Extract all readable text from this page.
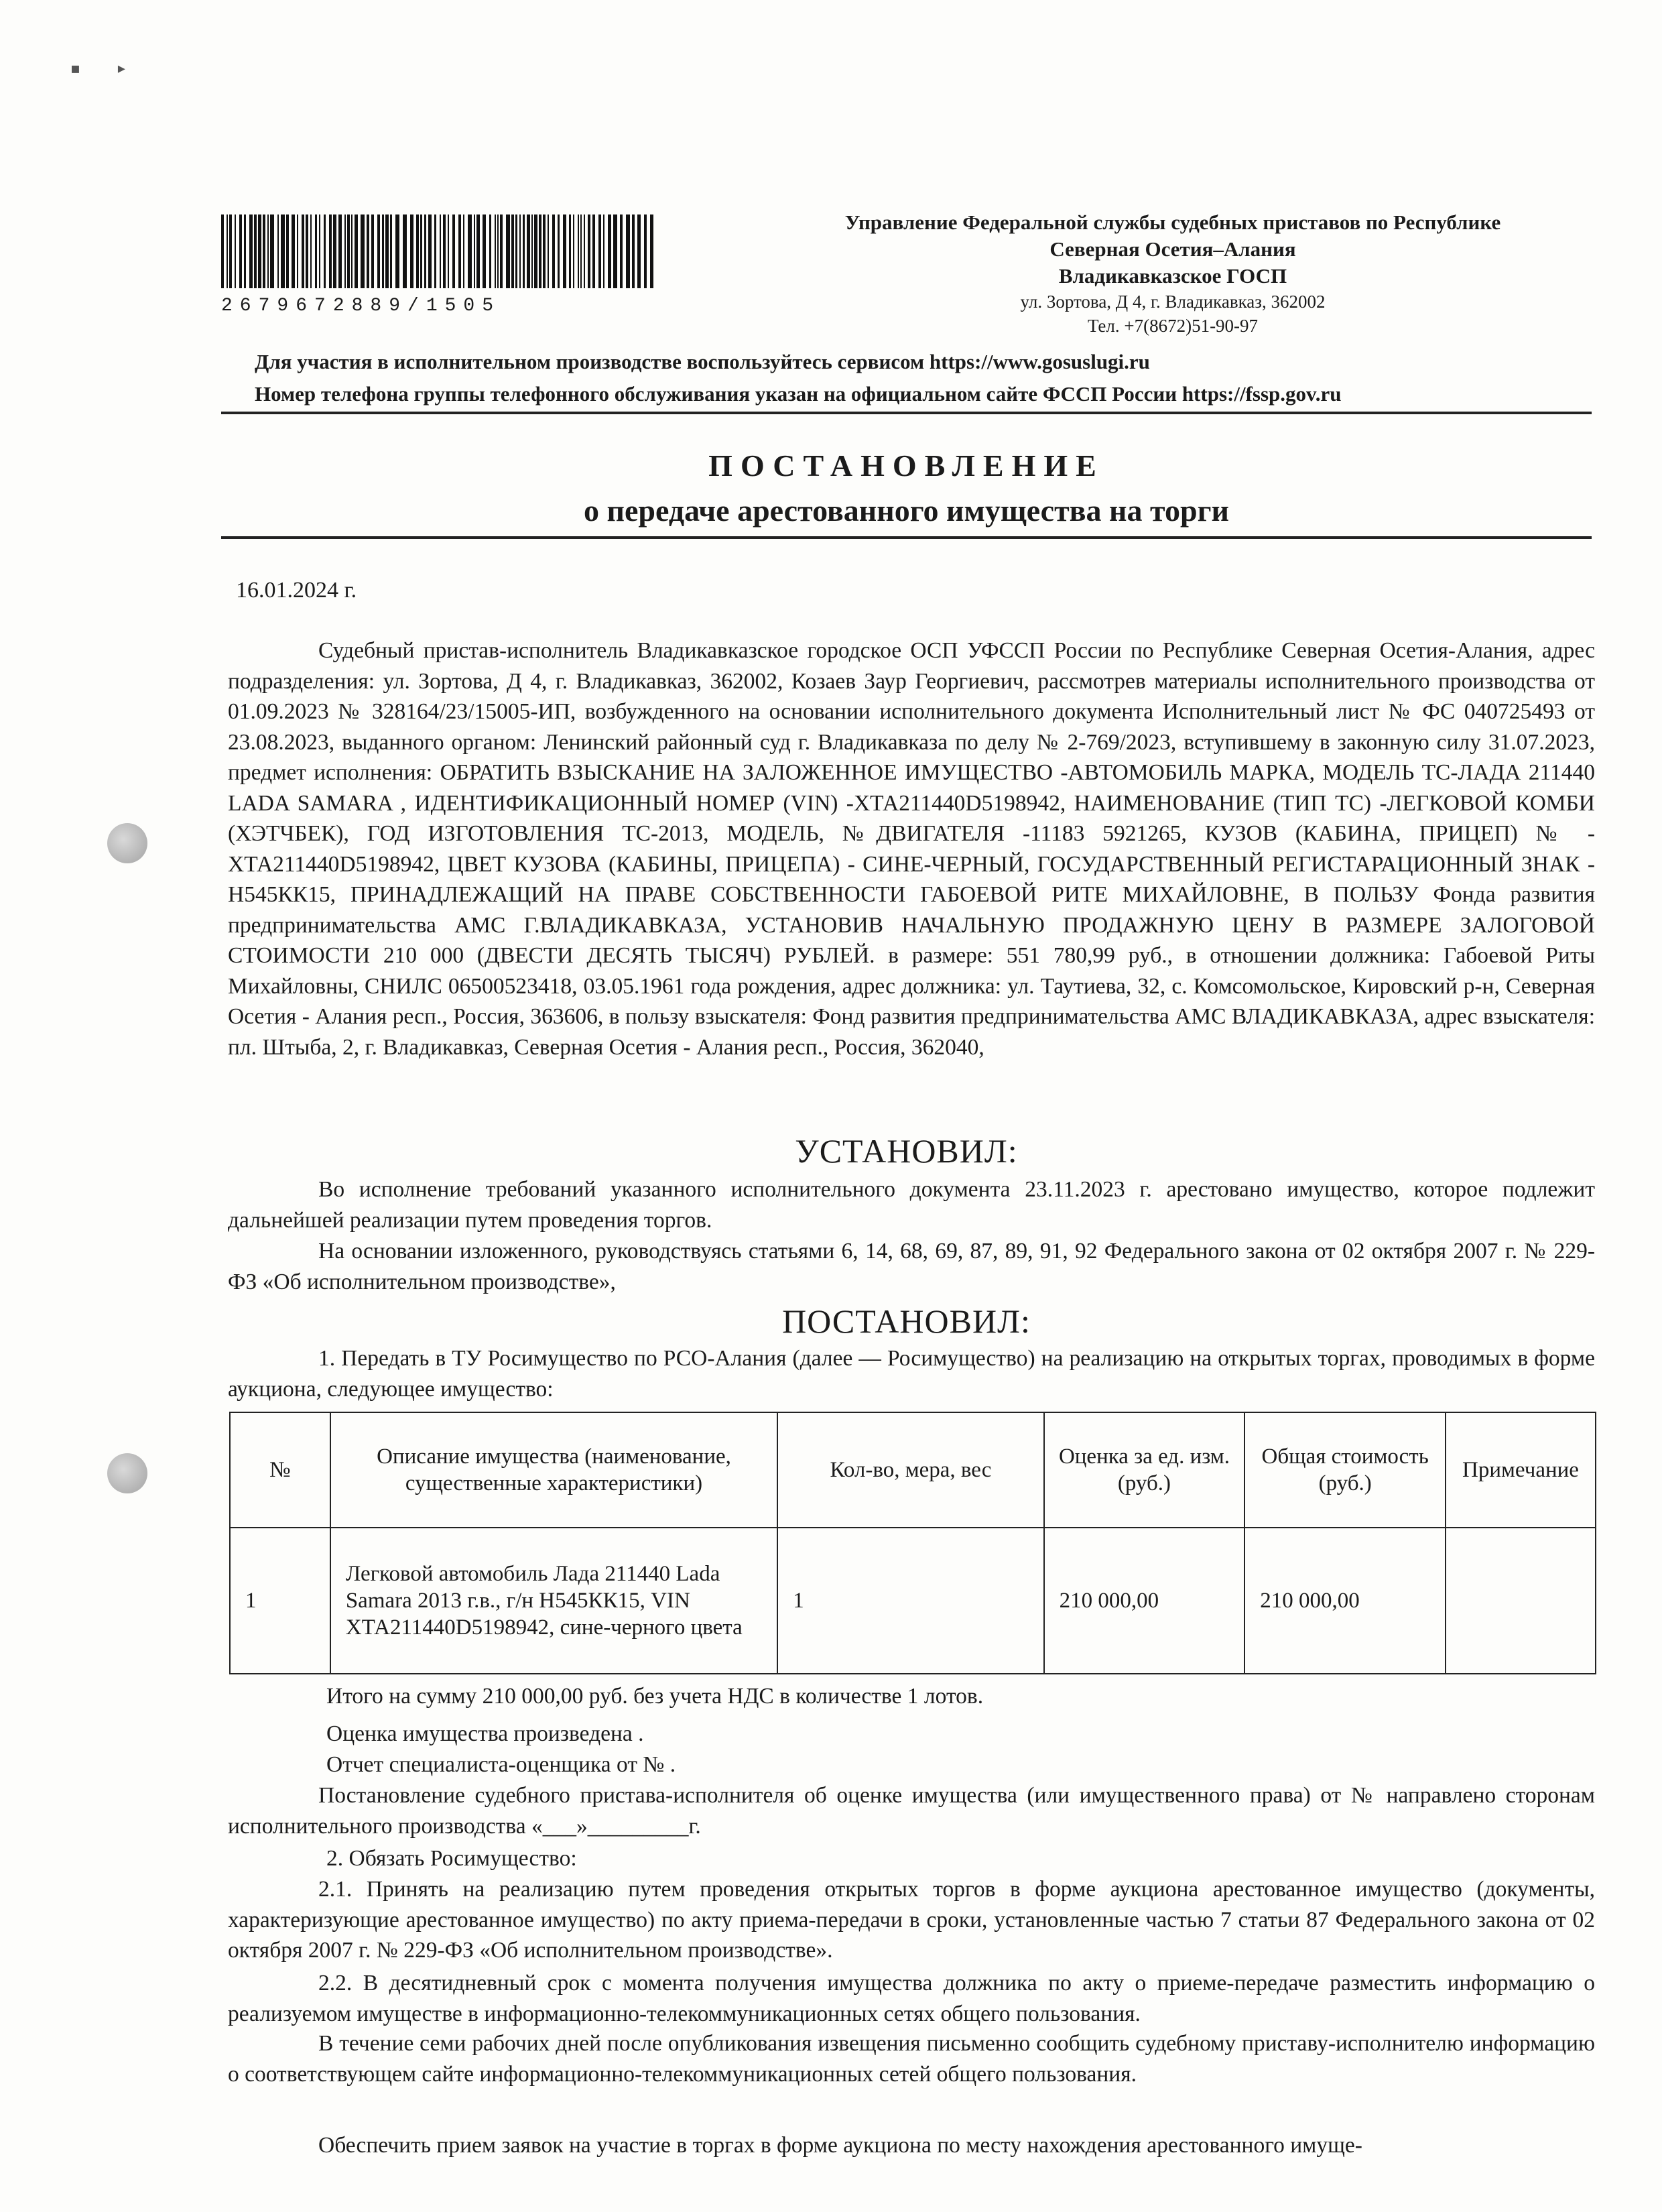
▪        ▸
2679672889/1505
Управление Федеральной службы судебных приставов по Республике
Северная Осетия–Алания
Владикавказское ГОСП
ул. Зортова, Д 4, г. Владикавказ, 362002
Тел. +7(8672)51-90-97
Для участия в исполнительном производстве воспользуйтесь сервисом https://www.gosuslugi.ru
Номер телефона группы телефонного обслуживания указан на официальном сайте ФССП России https://fssp.gov.ru
ПОСТАНОВЛЕНИЕ
о передаче арестованного имущества на торги
16.01.2024 г.

Судебный пристав-исполнитель Владикавказское городское ОСП УФССП России по Республике Северная Осетия-Алания, адрес подразделения: ул. Зортова, Д 4, г. Владикавказ, 362002, Козаев Заур Георгиевич, рассмотрев материалы исполнительного производства от 01.09.2023 № 328164/23/15005-ИП, возбужденного на основании исполнительного документа Исполнительный лист № ФС 040725493 от 23.08.2023, выданного органом: Ленинский районный суд г. Владикавказа по делу № 2-769/2023, вступившему в законную силу 31.07.2023, предмет исполнения: ОБРАТИТЬ ВЗЫСКАНИЕ НА ЗАЛОЖЕННОЕ ИМУЩЕСТВО -АВТОМОБИЛЬ МАРКА, МОДЕЛЬ ТС-ЛАДА 211440 LADA SAMARA , ИДЕНТИФИКАЦИОННЫЙ НОМЕР (VIN) -ХТА211440D5198942, НАИМЕНОВАНИЕ (ТИП ТС) -ЛЕГКОВОЙ КОМБИ (ХЭТЧБЕК), ГОД ИЗГОТОВЛЕНИЯ ТС-2013, МОДЕЛЬ, №ДВИГАТЕЛЯ -11183 5921265, КУЗОВ (КАБИНА, ПРИЦЕП) № - ХТА211440D5198942, ЦВЕТ КУЗОВА (КАБИНЫ, ПРИЦЕПА) - СИНЕ-ЧЕРНЫЙ, ГОСУДАРСТВЕННЫЙ РЕГИСТАРАЦИОННЫЙ ЗНАК - Н545КК15, ПРИНАДЛЕЖАЩИЙ НА ПРАВЕ СОБСТВЕННОСТИ ГАБОЕВОЙ РИТЕ МИХАЙЛОВНЕ, В ПОЛЬЗУ Фонда развития предпринимательства АМС Г.ВЛАДИКАВКАЗА, УСТАНОВИВ НАЧАЛЬНУЮ ПРОДАЖНУЮ ЦЕНУ В РАЗМЕРЕ ЗАЛОГОВОЙ СТОИМОСТИ 210 000 (ДВЕСТИ ДЕСЯТЬ ТЫСЯЧ) РУБЛЕЙ. в размере: 551 780,99 руб., в отношении должника: Габоевой Риты Михайловны, СНИЛС 06500523418, 03.05.1961 года рождения, адрес должника: ул. Таутиева, 32, с. Комсомольское, Кировский р-н, Северная Осетия - Алания респ., Россия, 363606, в пользу взыскателя: Фонд развития предпринимательства АМС ВЛАДИКАВКАЗА, адрес взыскателя: пл. Штыба, 2, г. Владикавказ, Северная Осетия - Алания респ., Россия, 362040,

УСТАНОВИЛ:

Во исполнение требований указанного исполнительного документа 23.11.2023 г. арестовано имущество, которое подлежит дальнейшей реализации путем проведения торгов.

На основании изложенного, руководствуясь статьями 6, 14, 68, 69, 87, 89, 91, 92 Федерального закона от 02 октября 2007 г. № 229-ФЗ «Об исполнительном производстве»,

ПОСТАНОВИЛ:

1. Передать в ТУ Росимущество по РСО-Алания (далее — Росимущество) на реализацию на открытых торгах, проводимых в форме аукциона, следующее имущество:

№	Описание имущества (наименование, существенные характеристики)	Кол-во, мера, вес	Оценка за ед. изм. (руб.)	Общая стоимость (руб.)	Примечание
1	Легковой автомобиль Лада 211440 Lada Samara 2013 г.в., г/н Н545КК15, VIN ХТА211440D5198942, сине-черного цвета	1	210 000,00	210 000,00	
Итого на сумму 210 000,00 руб. без учета НДС в количестве 1 лотов.
Оценка имущества произведена .
Отчет специалиста-оценщика от № .

Постановление судебного пристава-исполнителя об оценке имущества (или имущественного права) от № направлено сторонам исполнительного производства «___»_________г.

2. Обязать Росимущество:

2.1. Принять на реализацию путем проведения открытых торгов в форме аукциона арестованное имущество (документы, характеризующие арестованное имущество) по акту приема-передачи в сроки, установленные частью 7 статьи 87 Федерального закона от 02 октября 2007 г. № 229-ФЗ «Об исполнительном производстве».

2.2. В десятидневный срок с момента получения имущества должника по акту о приеме-передаче разместить информацию о реализуемом имуществе в информационно-телекоммуникационных сетях общего пользования.

В течение семи рабочих дней после опубликования извещения письменно сообщить судебному приставу-исполнителю информацию о соответствующем сайте информационно-телекоммуникационных сетей общего пользования.

Обеспечить прием заявок на участие в торгах в форме аукциона по месту нахождения арестованного имуще-
